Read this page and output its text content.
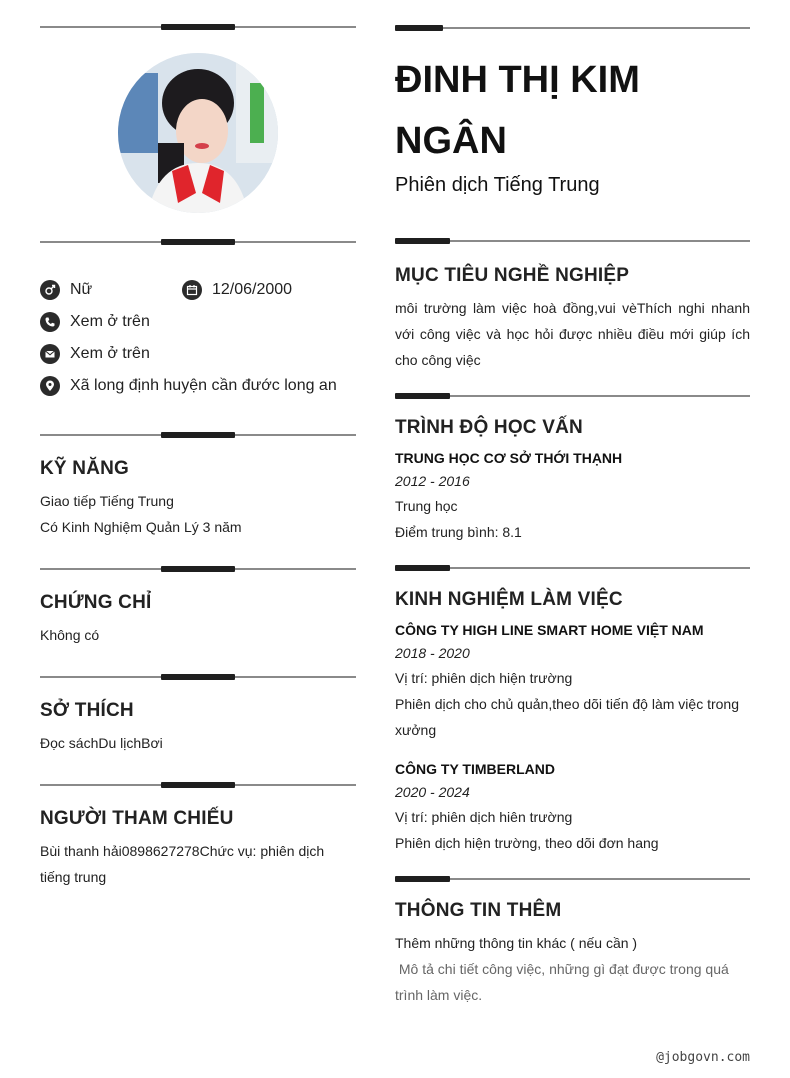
Nữ	12/06/2000
Xem ở trên
Xem ở trên
Xã long định huyện cần đước long an
KỸ NĂNG
Giao tiếp Tiếng Trung
Có Kinh Nghiệm Quản Lý 3 năm
CHỨNG CHỈ
Không có
SỞ THÍCH
Đọc sáchDu lịchBơi
NGƯỜI THAM CHIẾU
Bùi thanh hải0898627278Chức vụ: phiên dịch tiếng trung
ĐINH THỊ KIM NGÂN
Phiên dịch Tiếng Trung
MỤC TIÊU NGHỀ NGHIỆP
môi trường làm việc hoà đồng,vui vèThích nghi nhanh với công việc và học hỏi được nhiều điều mới giúp ích cho công việc
TRÌNH ĐỘ HỌC VẤN
TRUNG HỌC CƠ SỞ THỚI THẠNH
2012 - 2016
Trung học
Điểm trung bình: 8.1
KINH NGHIỆM LÀM VIỆC
CÔNG TY HIGH LINE SMART HOME VIỆT NAM
2018 - 2020
Vị trí: phiên dịch hiện trường
Phiên dịch cho chủ quản,theo dõi tiến độ làm việc trong xưởng
CÔNG TY TIMBERLAND
2020 - 2024
Vị trí: phiên dịch hiên trường
Phiên dịch hiện trường, theo dõi đơn hang
THÔNG TIN THÊM
Thêm những thông tin khác ( nếu cần )
Mô tả chi tiết công việc, những gì đạt được trong quá trình làm việc.
@jobgovn.com
